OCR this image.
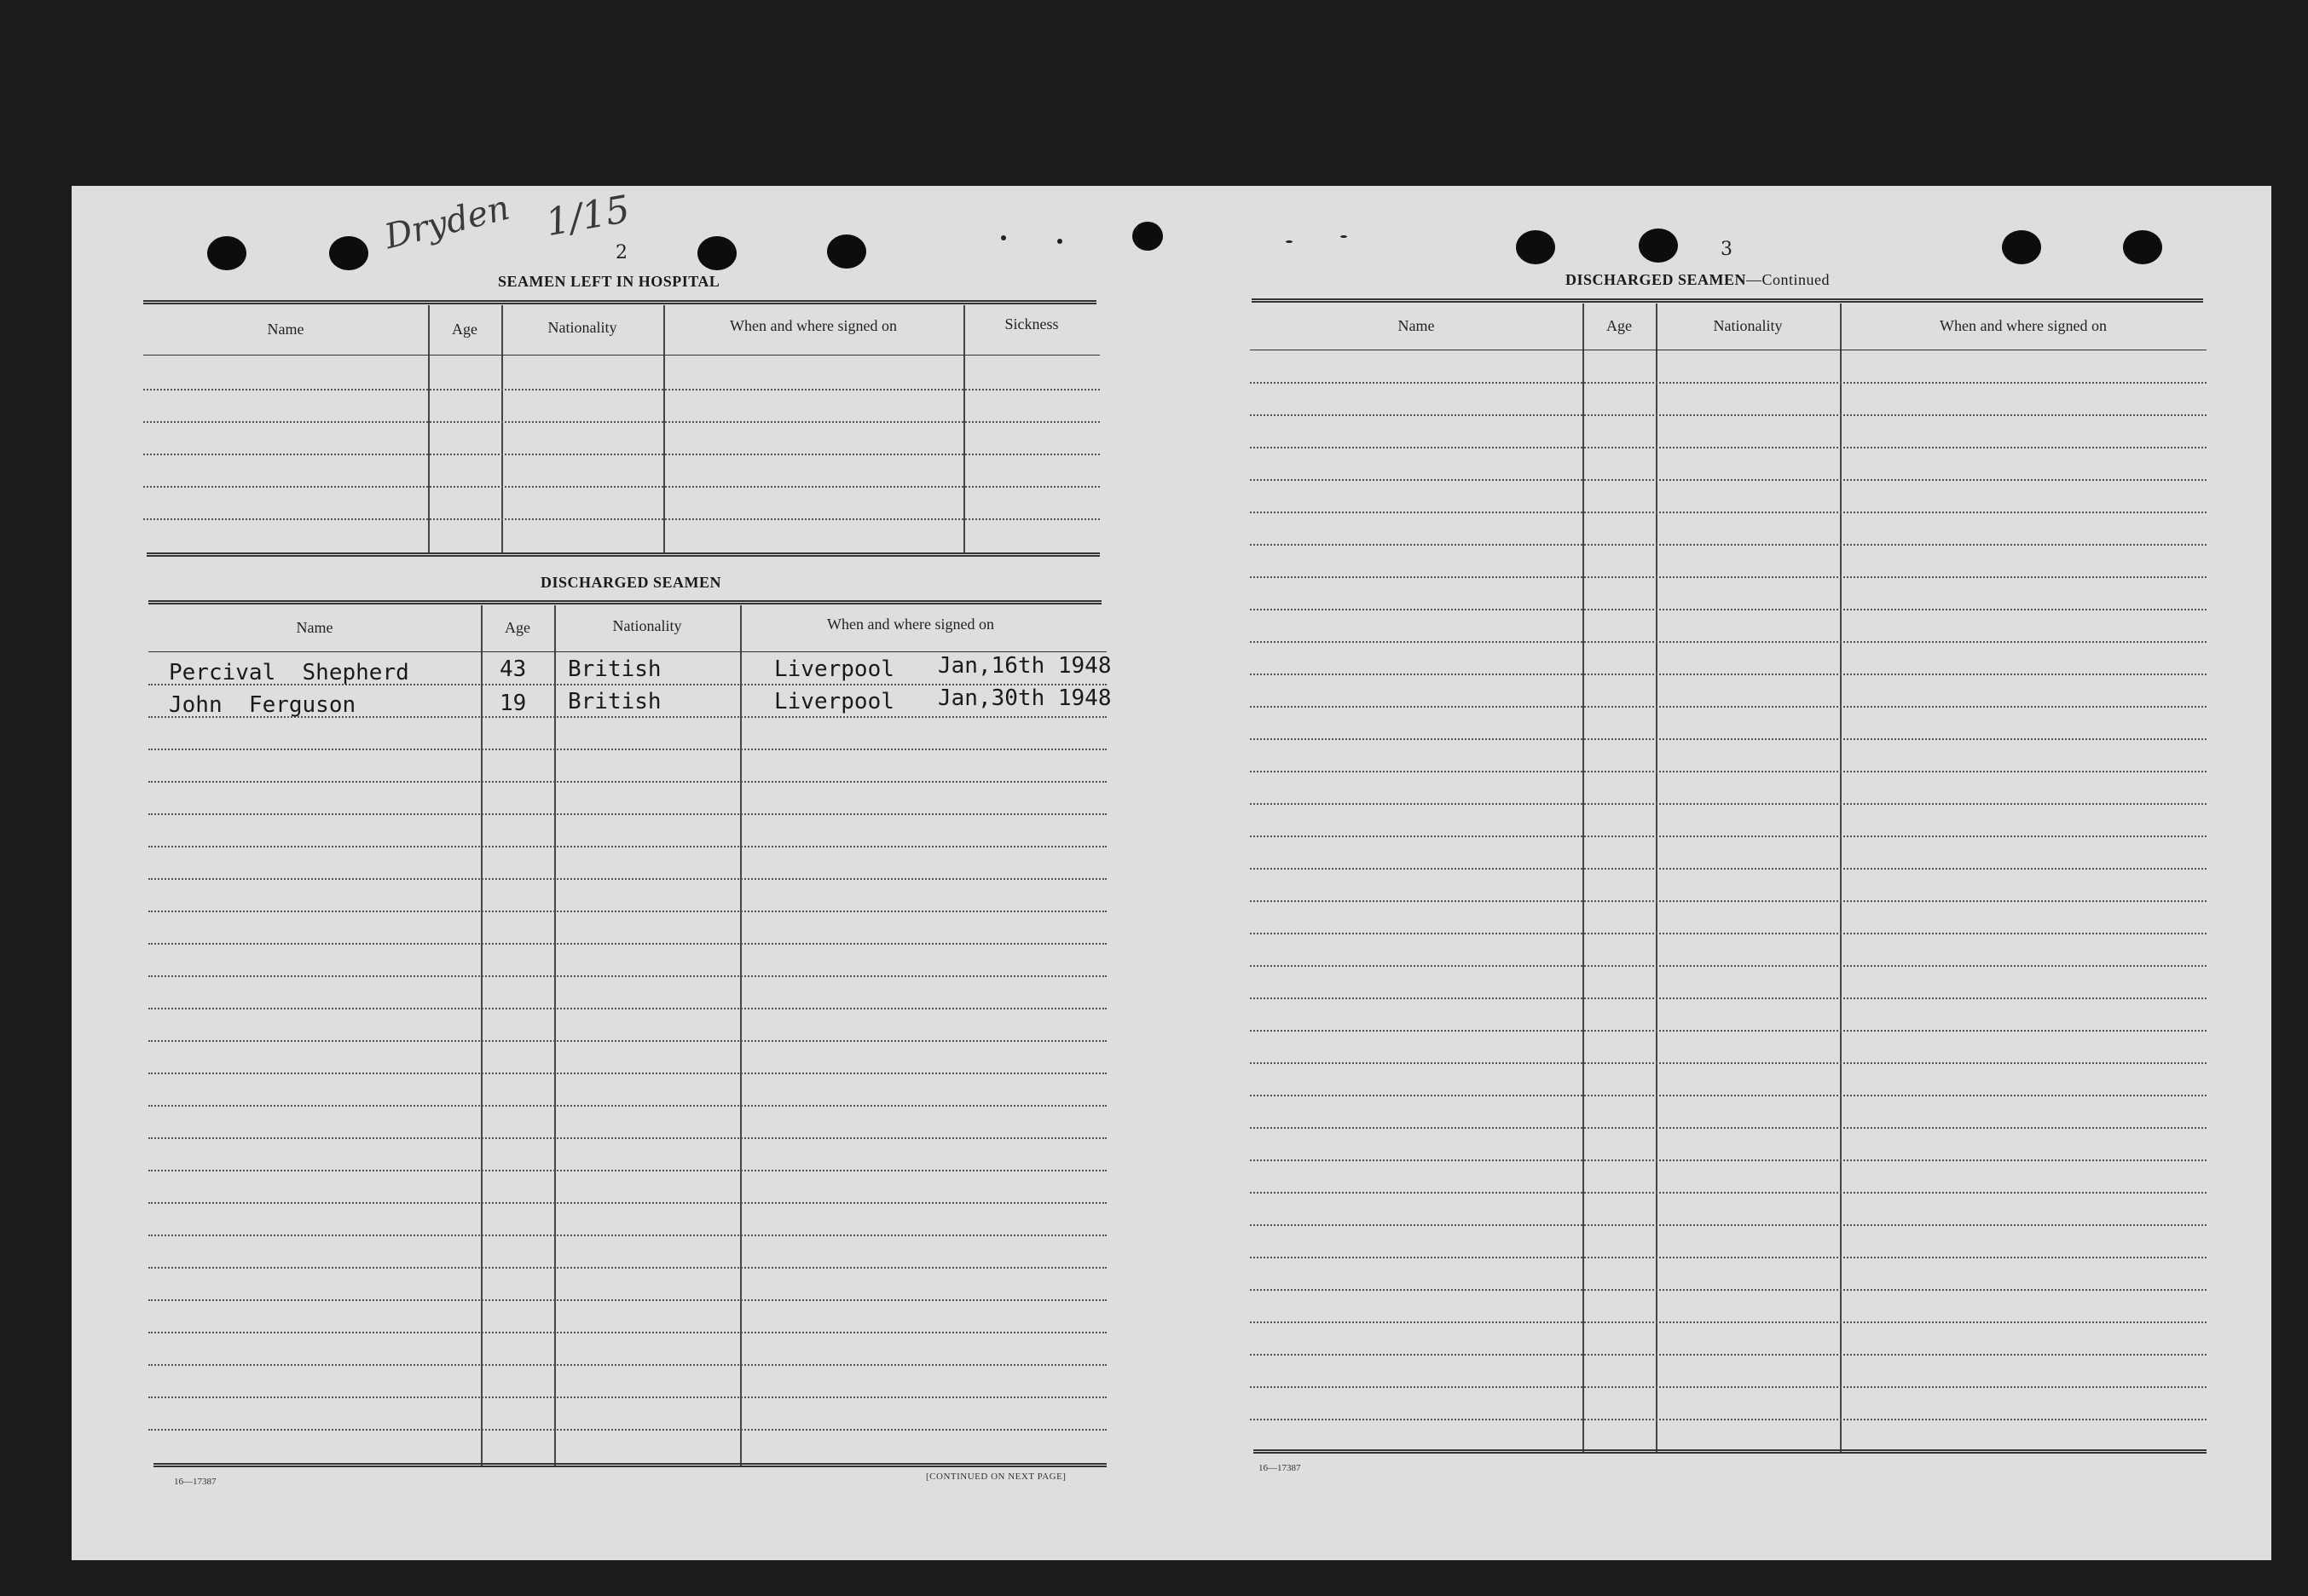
Dryden 1/15
2
SEAMEN LEFT IN HOSPITAL
Name	Age	Nationality	When and where signed on	Sickness
DISCHARGED SEAMEN
Name	Age	Nationality	When and where signed on
Percival  Shepherd	43 British	Liverpool Jan,16th 1948
John  Ferguson	19 British	Liverpool Jan,30th 1948
16—17387	[CONTINUED ON NEXT PAGE]
3
DISCHARGED SEAMEN—Continued
Name	Age	Nationality	When and where signed on
16—17387
